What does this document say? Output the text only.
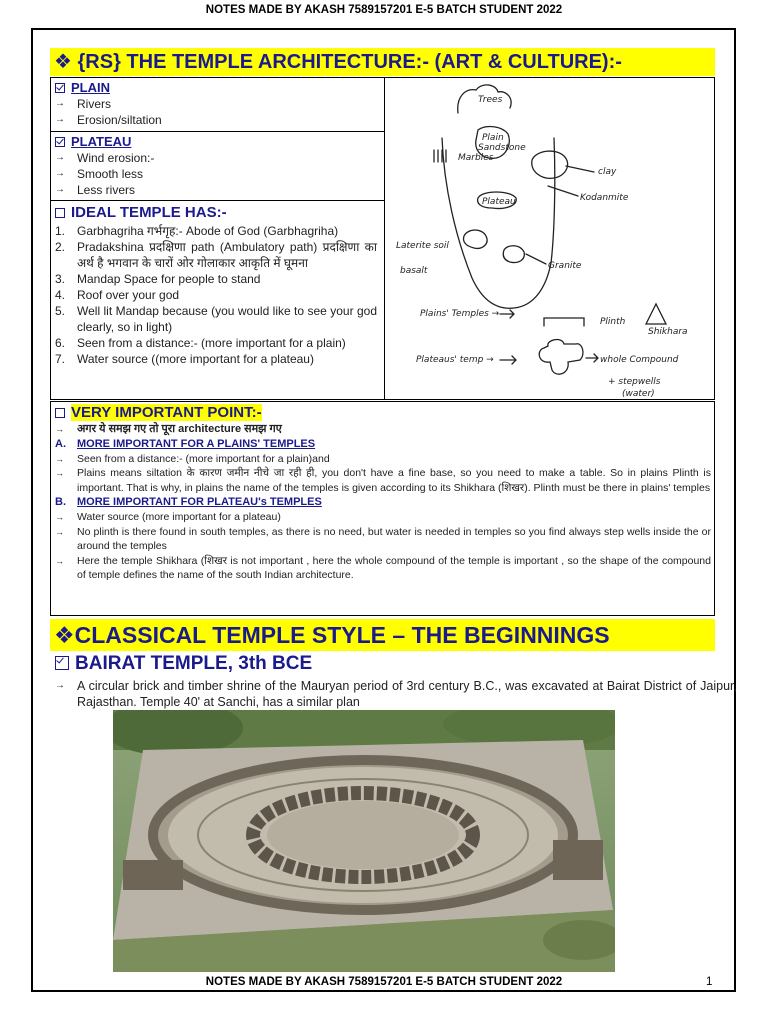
NOTES MADE BY AKASH 7589157201 E-5 BATCH STUDENT 2022
❖ {RS} THE TEMPLE ARCHITECTURE:- (ART & CULTURE):-
PLAIN
→ Rivers
→ Erosion/siltation
PLATEAU
→ Wind erosion:-
→ Smooth less
→ Less rivers
IDEAL TEMPLE HAS:-
1. Garbhagriha गर्भगृह:- Abode of God (Garbhagriha)
2. Pradakshina प्रदक्षिणा path (Ambulatory path) प्रदक्षिणा का अर्थ है भगवान के चारों ओर गोलाकार आकृति में घूमना
3. Mandap Space for people to stand
4. Roof over your god
5. Well lit Mandap because (you would like to see your god clearly, so in light)
6. Seen from a distance:- (more important for a plain)
7. Water source ((more important for a plateau)
Trees
Plain
Sandstone
Marbles
clay
Kodanmite
Plateau
Laterite soil
basalt	Granite
Plains' Temples →
Plinth
Shikhara
Plateaus' temp →	whole Compound
+ stepwells
(water)
VERY IMPORTANT POINT:-
→ अगर ये समझ गए तो पूरा architecture समझ गए
A. MORE IMPORTANT FOR A PLAINS' TEMPLES
→ Seen from a distance:- (more important for a plain)and
→ Plains means siltation के कारण जमीन नीचे जा रही ही, you don't have a fine base, so you need to make a table. So in plains Plinth is important. That is why, in plains the name of the temples is given according to its Shikhara (शिखर). Plinth must be there in plains' temples
B. MORE IMPORTANT FOR PLATEAU's TEMPLES
→ Water source (more important for a plateau)
→ No plinth is there found in south temples, as there is no need, but water is needed in temples so you find always step wells inside the or around the temples
→ Here the temple Shikhara (शिखर is not important , here the whole compound of the temple is important , so the shape of the compound of temple defines the name of the south Indian architecture.
❖CLASSICAL TEMPLE STYLE – THE BEGINNINGS
BAIRAT TEMPLE, 3th BCE
→ A circular brick and timber shrine of the Mauryan period of 3rd century B.C., was excavated at Bairat District of Jaipur, Rajasthan. Temple 40' at Sanchi, has a similar plan
NOTES MADE BY AKASH 7589157201 E-5 BATCH STUDENT 2022	1
